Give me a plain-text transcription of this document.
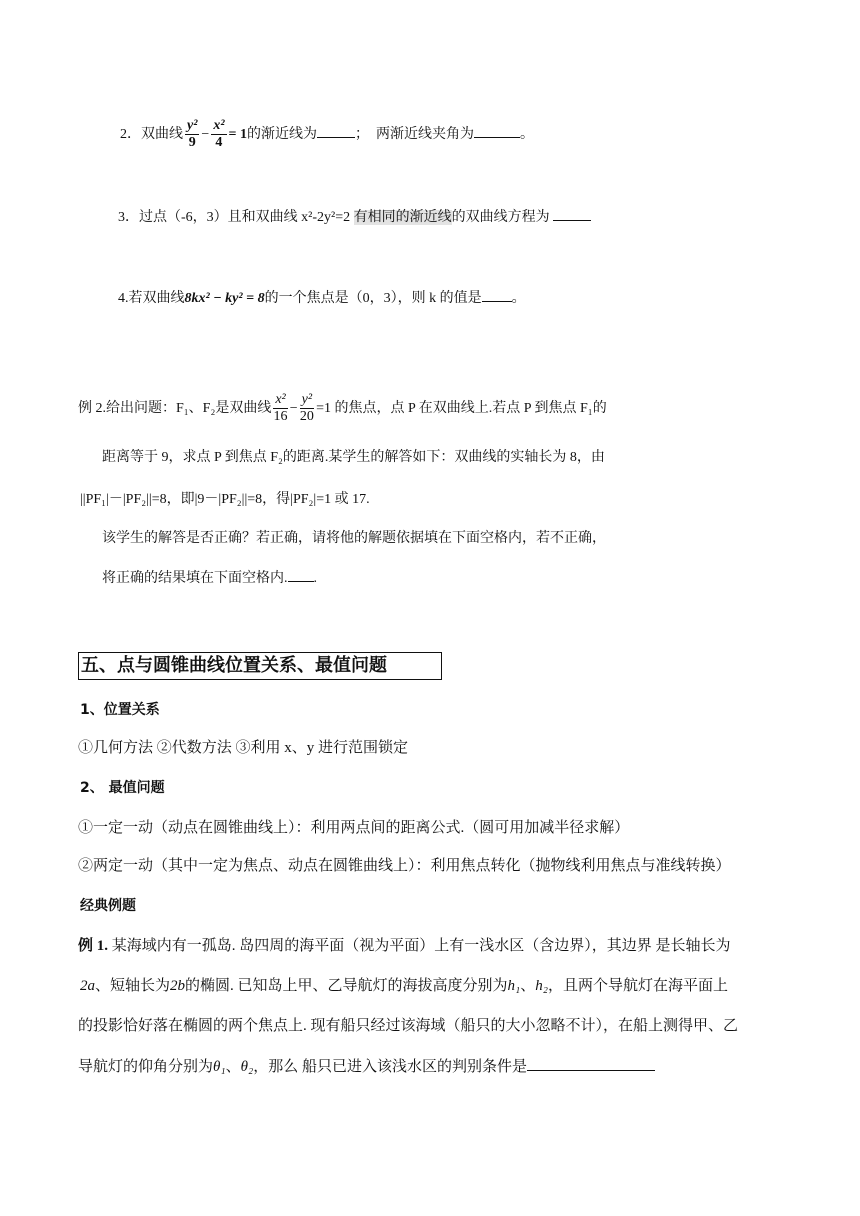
2．双曲线 $\frac{\text{y²}}{9} - \frac{\text{x²}}{4} = 1$的渐近线为	；　两渐近线夹角为	。
3．过点（-6，3）且和双曲线 x²-2y²=2 有相同的渐近线的双曲线方程为
4.若双曲线8kx² − ky² = 8的一个焦点是（0，3），则 k 的值是 。
例 2.给出问题：F₁、F₂是双曲线 $\frac{\text{x²}}{16} - \frac{\text{y²}}{20} =1$ 的焦点，点 P 在双曲线上.若点 P 到焦点 F₁的
距离等于 9，求点 P 到焦点 F₂的距离.某学生的解答如下：双曲线的实轴长为 8，由
||PF₁|－|PF₂||=8，即|9－|PF₂||=8，得|PF₂|=1 或 17.
该学生的解答是否正确？若正确，请将他的解题依据填在下面空格内，若不正确，
将正确的结果填在下面空格内. .
五、点与圆锥曲线位置关系、最值问题
1、位置关系
①几何方法 ②代数方法 ③利用 x、y 进行范围锁定
2、 最值问题
①一定一动（动点在圆锥曲线上）：利用两点间的距离公式.（圆可用加减半径求解）
②两定一动（其中一定为焦点、动点在圆锥曲线上）：利用焦点转化（抛物线利用焦点与准线转换）
经典例题
例 1. 某海域内有一孤岛. 岛四周的海平面（视为平面）上有一浅水区（含边界），其边界 是长轴长为
2a、短轴长为2b的椭圆. 已知岛上甲、乙导航灯的海拔高度分别为h₁、h₂，且两个导航灯在海平面上
的投影恰好落在椭圆的两个焦点上. 现有船只经过该海域（船只的大小忽略不计），在船上测得甲、乙
导航灯的仰角分别为θ₁、θ₂，那么 船只已进入该浅水区的判别条件是
